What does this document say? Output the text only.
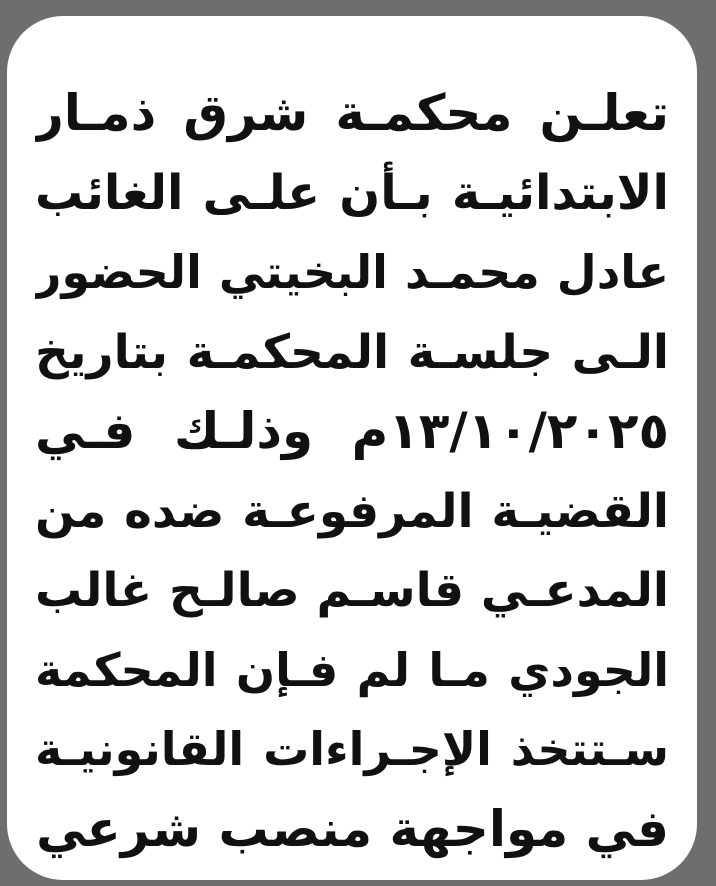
تعلـن محكمـة شرق ذمـار
الابتدائيـة بـأن علـى الغائب
عادل محمـد البخيتي الحضور
الـى جلسـة المحكمـة بتاريخ
١٣/١٠/٢٠٢٥م وذلـك فـي
القضيـة المرفوعـة ضده من
المدعـي قاسـم صالـح غالب
الجودي مـا لم فـإن المحكمة
سـتتخذ الإجـراءات القانونيـة
في مواجهة منصب شرعي
